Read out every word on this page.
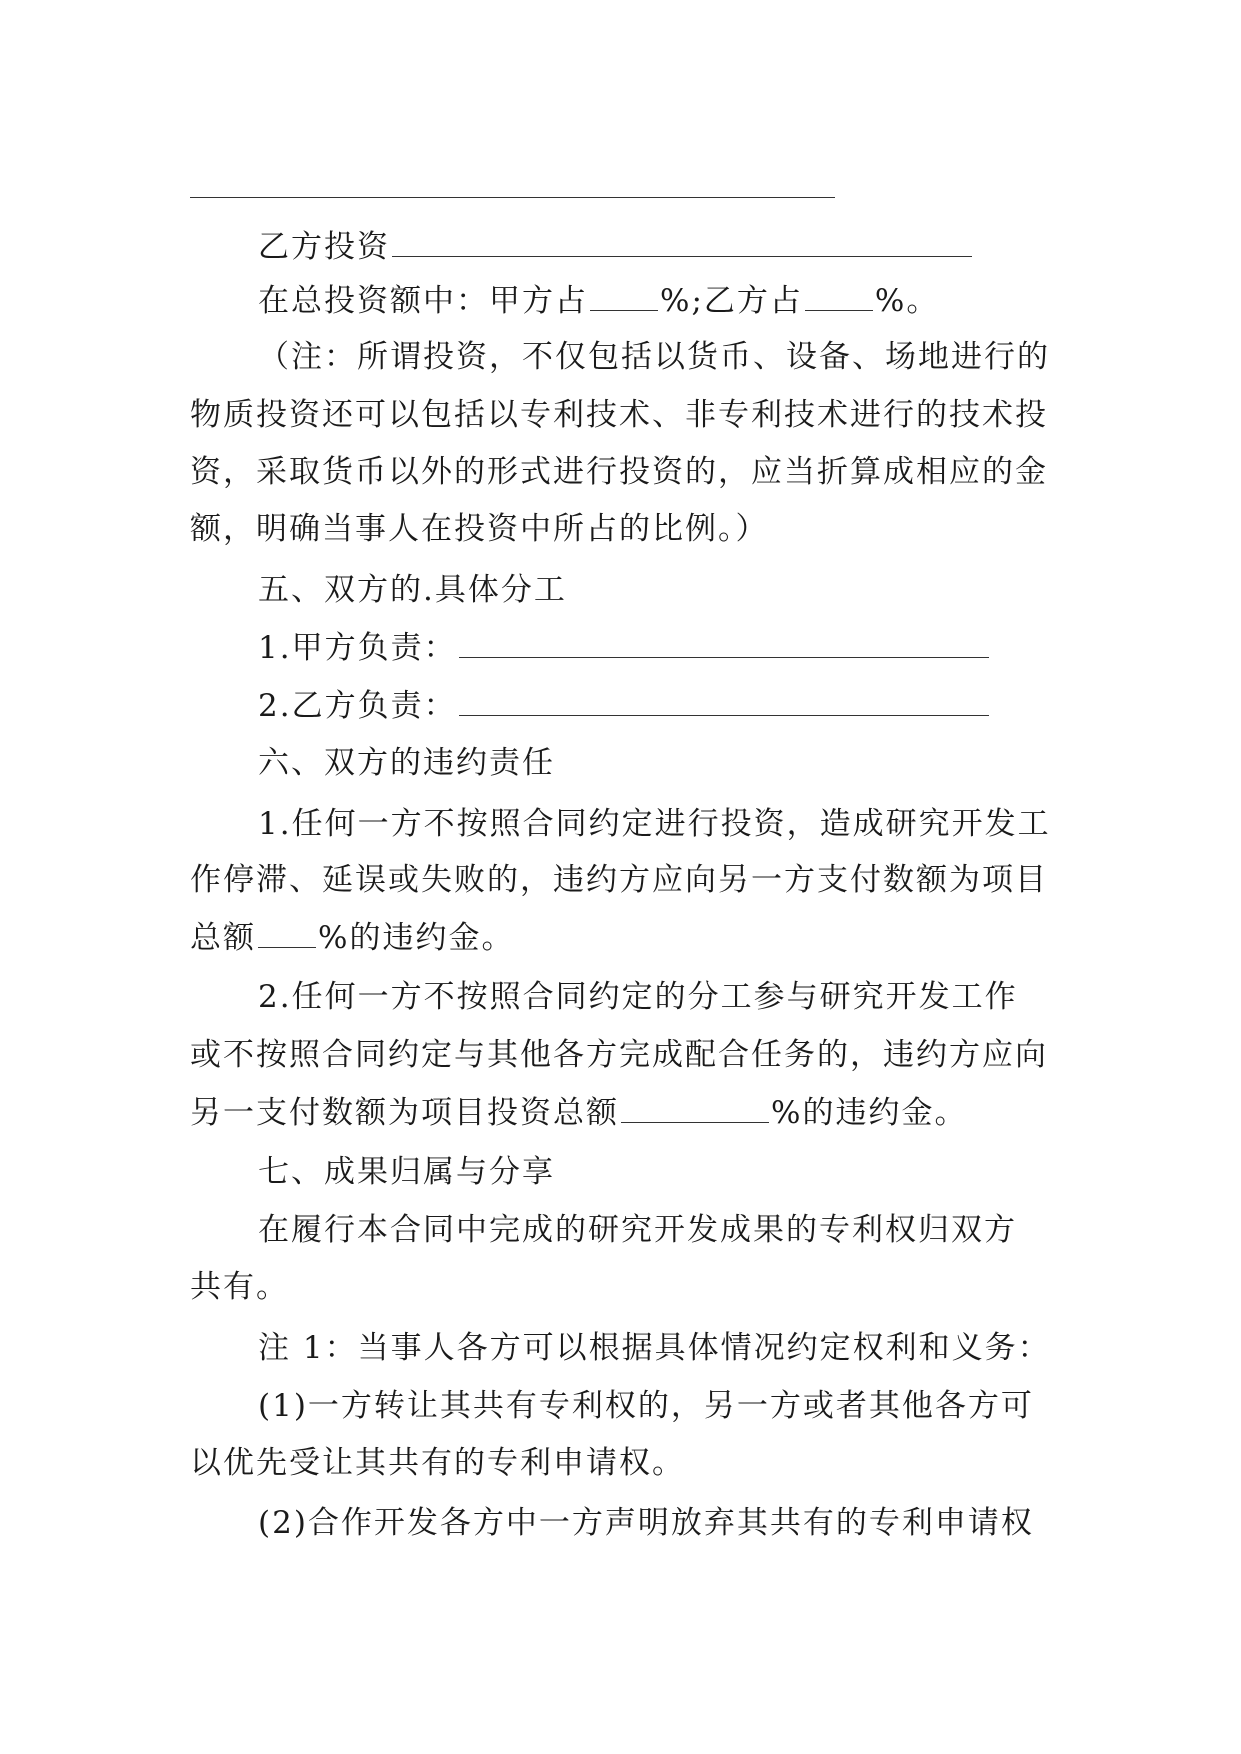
乙方投资
在总投资额中：甲方占 %;乙方占 %。
（注：所谓投资，不仅包括以货币、设备、场地进行的
物质投资还可以包括以专利技术、非专利技术进行的技术投
资，采取货币以外的形式进行投资的，应当折算成相应的金
额，明确当事人在投资中所占的比例。）
五、双方的.具体分工
1.甲方负责：
2.乙方负责：
六、双方的违约责任
1.任何一方不按照合同约定进行投资，造成研究开发工
作停滞、延误或失败的，违约方应向另一方支付数额为项目
总额 %的违约金。
2.任何一方不按照合同约定的分工参与研究开发工作
或不按照合同约定与其他各方完成配合任务的，违约方应向
另一支付数额为项目投资总额	%的违约金。
七、成果归属与分享
在履行本合同中完成的研究开发成果的专利权归双方
共有。
注 1：当事人各方可以根据具体情况约定权利和义务：
(1)一方转让其共有专利权的，另一方或者其他各方可
以优先受让其共有的专利申请权。
(2)合作开发各方中一方声明放弃其共有的专利申请权
